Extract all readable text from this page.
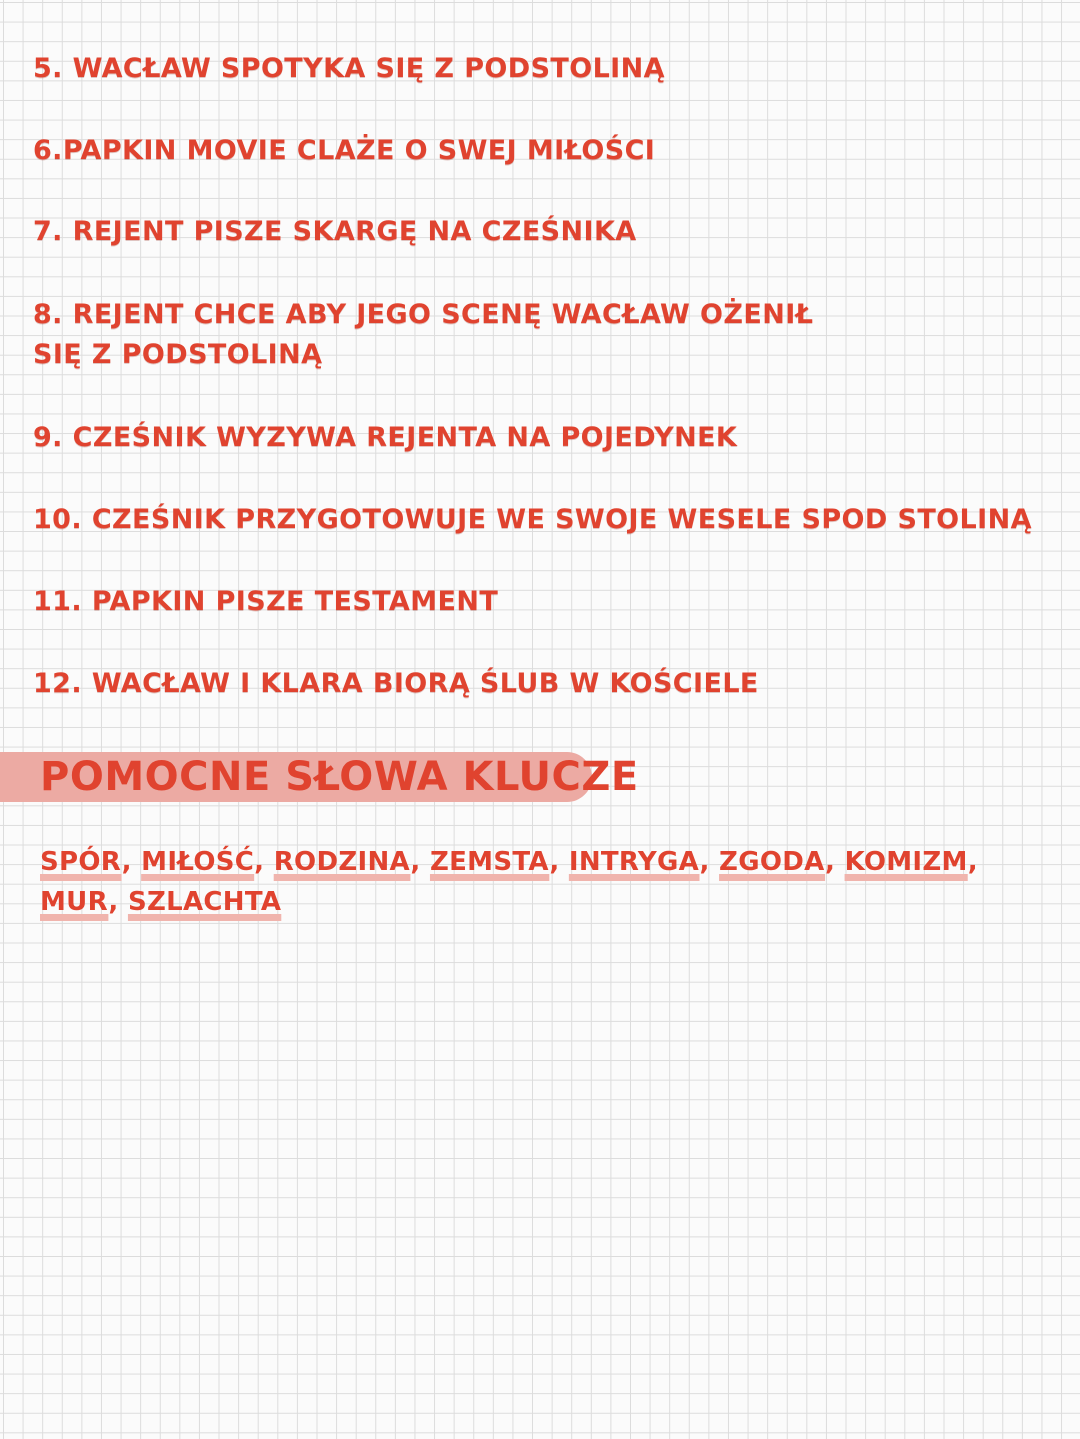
5. WACŁAW SPOTYKA SIĘ Z PODSTOLINĄ

6.PAPKIN MOVIE CLAŻE O SWEJ MIŁOŚCI

7. REJENT PISZE SKARGĘ NA CZEŚNIKA

8. REJENT CHCE ABY JEGO SCENĘ WACŁAW OŻENIŁ SIĘ Z PODSTOLINĄ

9. CZEŚNIK WYZYWA REJENTA NA POJEDYNEK

10. CZEŚNIK PRZYGOTOWUJE WE SWOJE WESELE SPOD STOLINĄ

11. PAPKIN PISZE TESTAMENT

12. WACŁAW I KLARA BIORĄ ŚLUB W KOŚCIELE

POMOCNE SŁOWA KLUCZE

SPÓR, MIŁOŚĆ, RODZINA, ZEMSTA, INTRYGA, ZGODA, KOMIZM, MUR, SZLACHTA
